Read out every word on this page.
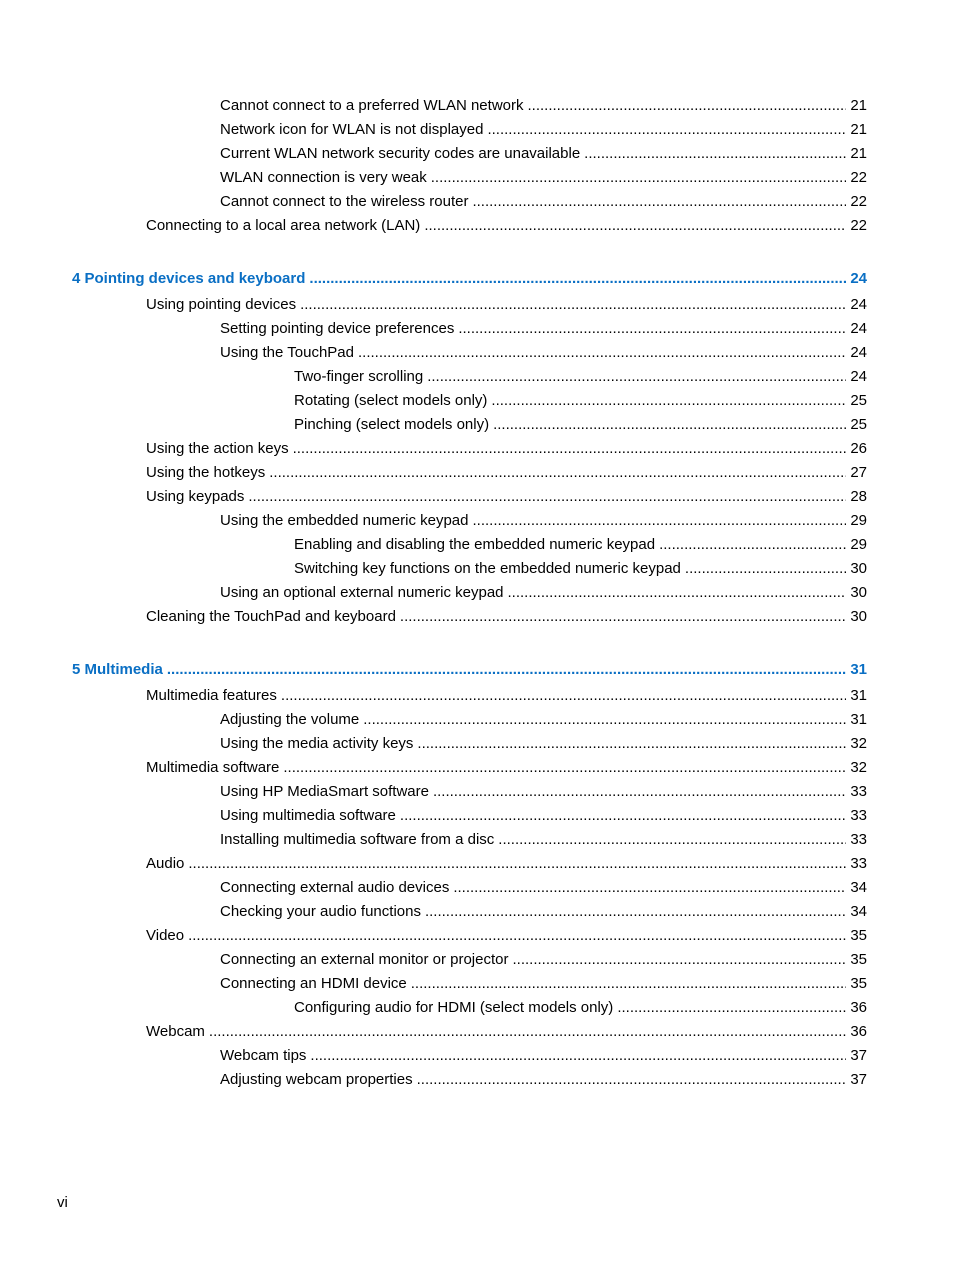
Cannot connect to a preferred WLAN network .....	21
Network icon for WLAN is not displayed .....	21
Current WLAN network security codes are unavailable .....	21
WLAN connection is very weak .....	22
Cannot connect to the wireless router .....	22
Connecting to a local area network (LAN) .....	22
4 Pointing devices and keyboard .....	24
Using pointing devices .....	24
Setting pointing device preferences .....	24
Using the TouchPad .....	24
Two-finger scrolling .....	24
Rotating (select models only) .....	25
Pinching (select models only) .....	25
Using the action keys .....	26
Using the hotkeys .....	27
Using keypads .....	28
Using the embedded numeric keypad .....	29
Enabling and disabling the embedded numeric keypad .....	29
Switching key functions on the embedded numeric keypad .....	30
Using an optional external numeric keypad .....	30
Cleaning the TouchPad and keyboard .....	30
5 Multimedia .....	31
Multimedia features .....	31
Adjusting the volume .....	31
Using the media activity keys .....	32
Multimedia software .....	32
Using HP MediaSmart software .....	33
Using multimedia software .....	33
Installing multimedia software from a disc .....	33
Audio .....	33
Connecting external audio devices .....	34
Checking your audio functions .....	34
Video .....	35
Connecting an external monitor or projector .....	35
Connecting an HDMI device .....	35
Configuring audio for HDMI (select models only) .....	36
Webcam .....	36
Webcam tips .....	37
Adjusting webcam properties .....	37
vi
